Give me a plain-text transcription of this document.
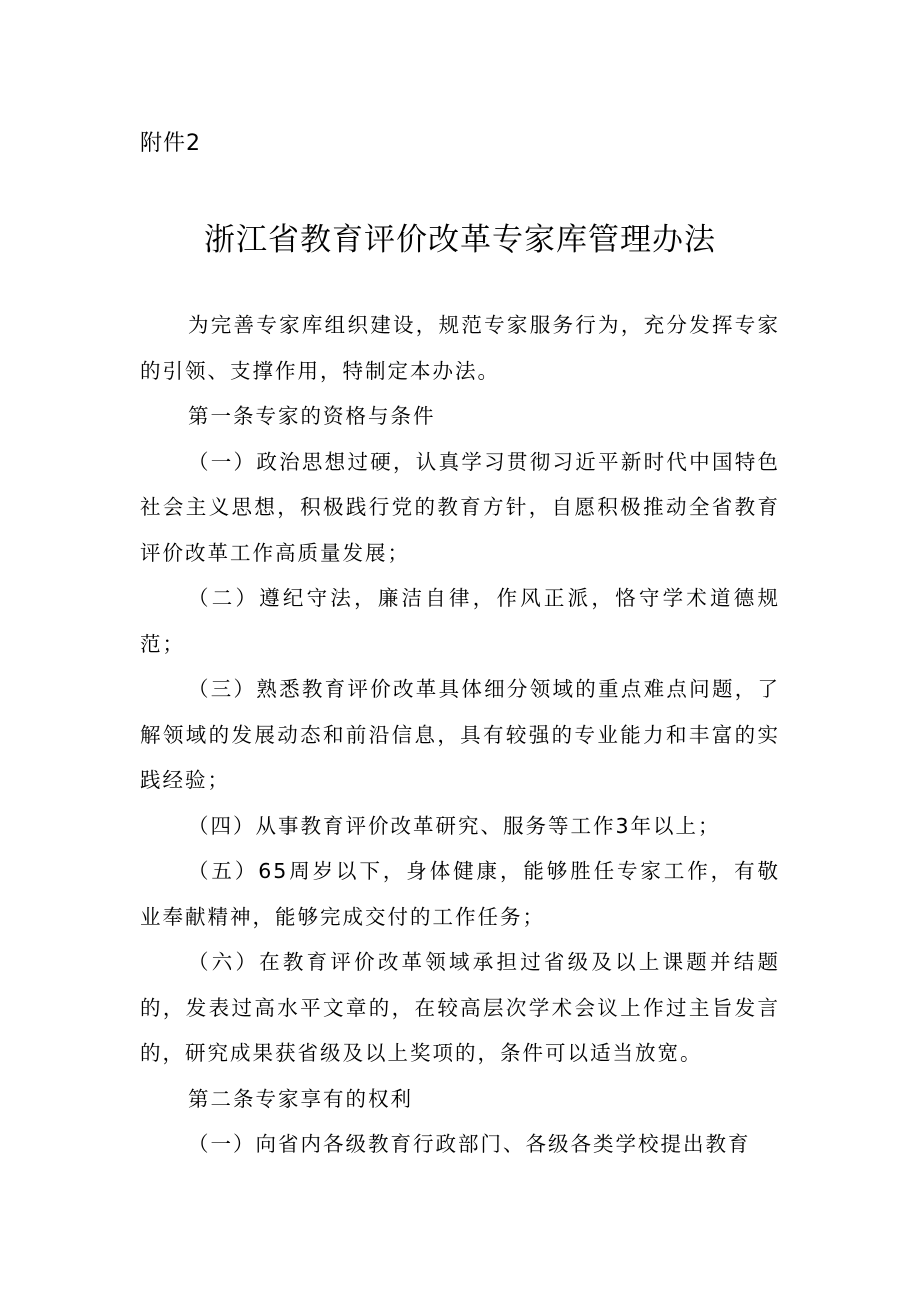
附件2
浙江省教育评价改革专家库管理办法

为完善专家库组织建设，规范专家服务行为，充分发挥专家的引领、支撑作用，特制定本办法。

第一条专家的资格与条件

（一）政治思想过硬，认真学习贯彻习近平新时代中国特色社会主义思想，积极践行党的教育方针，自愿积极推动全省教育评价改革工作高质量发展；

（二）遵纪守法，廉洁自律，作风正派，恪守学术道德规范；

（三）熟悉教育评价改革具体细分领域的重点难点问题，了解领域的发展动态和前沿信息，具有较强的专业能力和丰富的实践经验；

（四）从事教育评价改革研究、服务等工作3年以上；

（五）65周岁以下，身体健康，能够胜任专家工作，有敬业奉献精神，能够完成交付的工作任务；

（六）在教育评价改革领域承担过省级及以上课题并结题的，发表过高水平文章的，在较高层次学术会议上作过主旨发言的，研究成果获省级及以上奖项的，条件可以适当放宽。

第二条专家享有的权利

（一）向省内各级教育行政部门、各级各类学校提出教育
